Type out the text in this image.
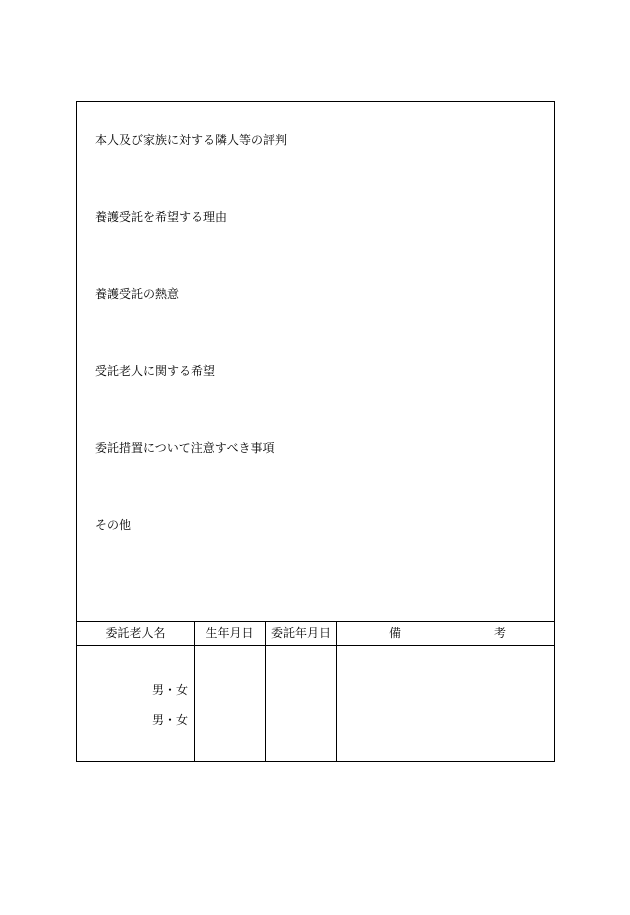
本人及び家族に対する隣人等の評判
養護受託を希望する理由
養護受託の熱意
受託老人に関する希望
委託措置について注意すべき事項
その他
委託老人名	生年月日	委託年月日	備	考
男・女
男・女
